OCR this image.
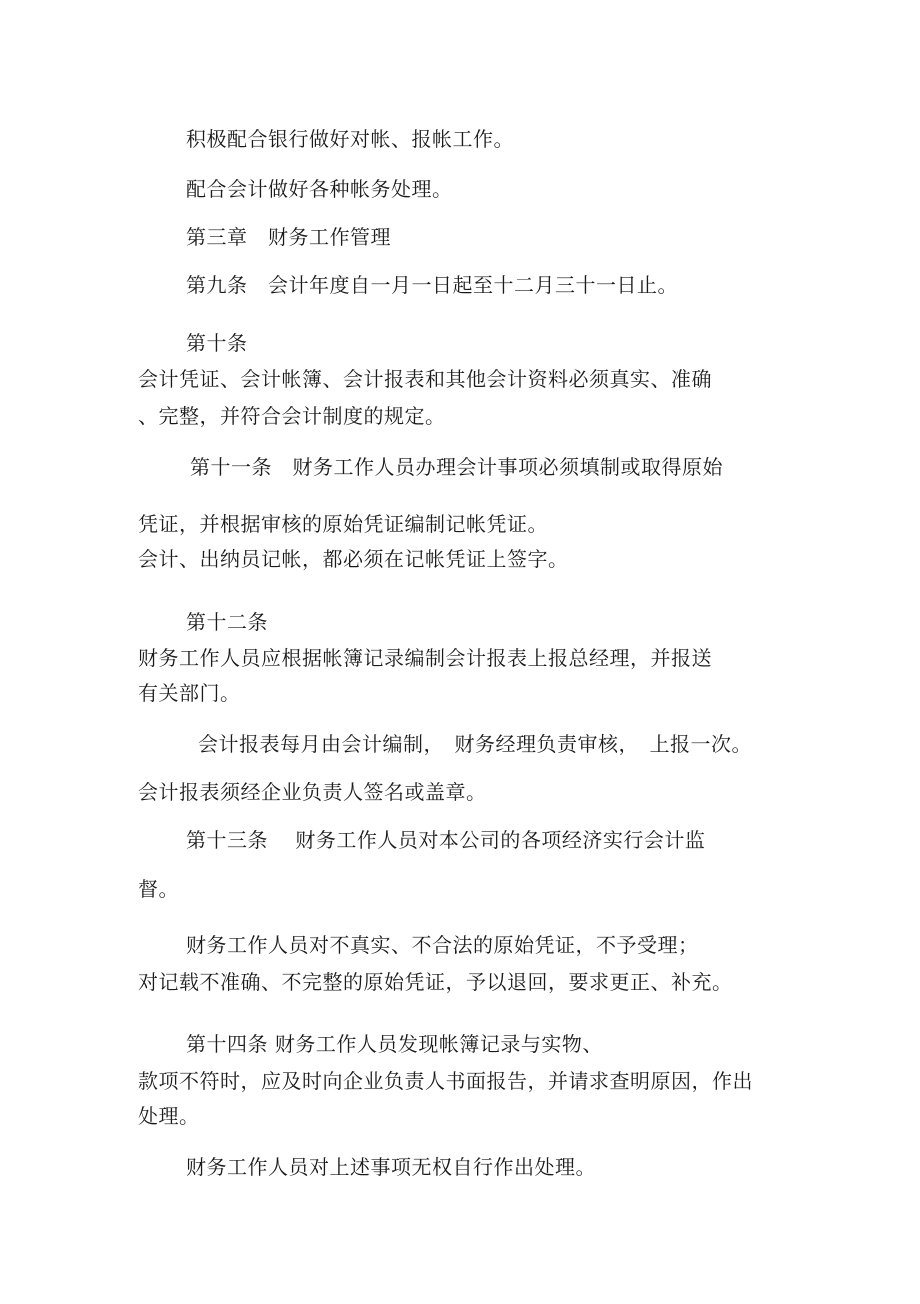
积极配合银行做好对帐、报帐工作。
配合会计做好各种帐务处理。
第三章　财务工作管理
第九条　会计年度自一月一日起至十二月三十一日止。
第十条
会计凭证、会计帐簿、会计报表和其他会计资料必须真实、准确
、完整，并符合会计制度的规定。
第十一条　财务工作人员办理会计事项必须填制或取得原始
凭证，并根据审核的原始凭证编制记帐凭证。
会计、出纳员记帐，都必须在记帐凭证上签字。
第十二条
财务工作人员应根据帐簿记录编制会计报表上报总经理，并报送
有关部门。
会计报表每月由会计编制，　财务经理负责审核，　上报一次。
会计报表须经企业负责人签名或盖章。
第十三条　 财务工作人员对本公司的各项经济实行会计监
督。
财务工作人员对不真实、不合法的原始凭证，不予受理；
对记载不准确、不完整的原始凭证，予以退回，要求更正、补充。
第十四条 财务工作人员发现帐簿记录与实物、
款项不符时，应及时向企业负责人书面报告，并请求查明原因，作出
处理。
财务工作人员对上述事项无权自行作出处理。
